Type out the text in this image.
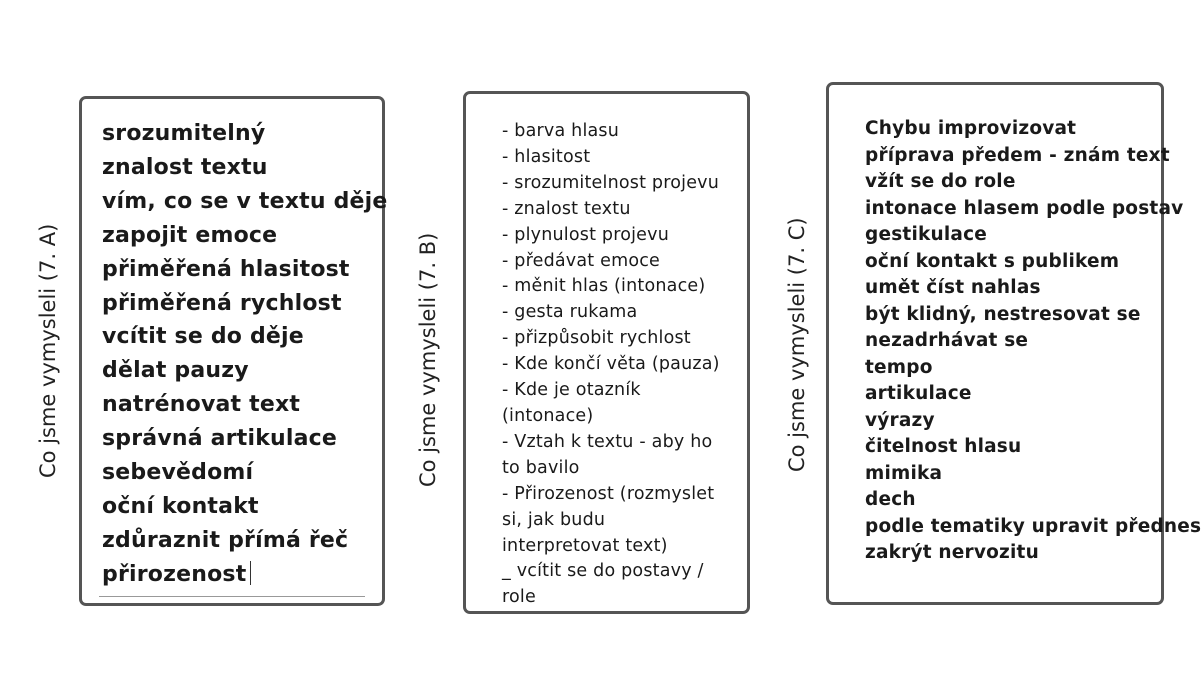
Co jsme vymysleli (7. A)	Co jsme vymysleli (7. B)	Co jsme vymysleli (7. C)
srozumitelný
znalost textu
vím, co se v textu děje
zapojit emoce
přiměřená hlasitost
přiměřená rychlost
vcítit se do děje
dělat pauzy
natrénovat text
správná artikulace
sebevědomí
oční kontakt
zdůraznit přímá řeč
přirozenost
- barva hlasu
- hlasitost
- srozumitelnost projevu
- znalost textu
- plynulost projevu
- předávat emoce
- měnit hlas (intonace)
- gesta rukama
- přizpůsobit rychlost
- Kde končí věta (pauza)
- Kde je otazník
(intonace)
- Vztah k textu - aby ho
to bavilo
- Přirozenost (rozmyslet
si, jak budu
interpretovat text)
_ vcítit se do postavy /
role
Chybu improvizovat
příprava předem - znám text
vžít se do role
intonace hlasem podle postav
gestikulace
oční kontakt s publikem
umět číst nahlas
být klidný, nestresovat se
nezadrhávat se
tempo
artikulace
výrazy
čitelnost hlasu
mimika
dech
podle tematiky upravit přednes
zakrýt nervozitu
